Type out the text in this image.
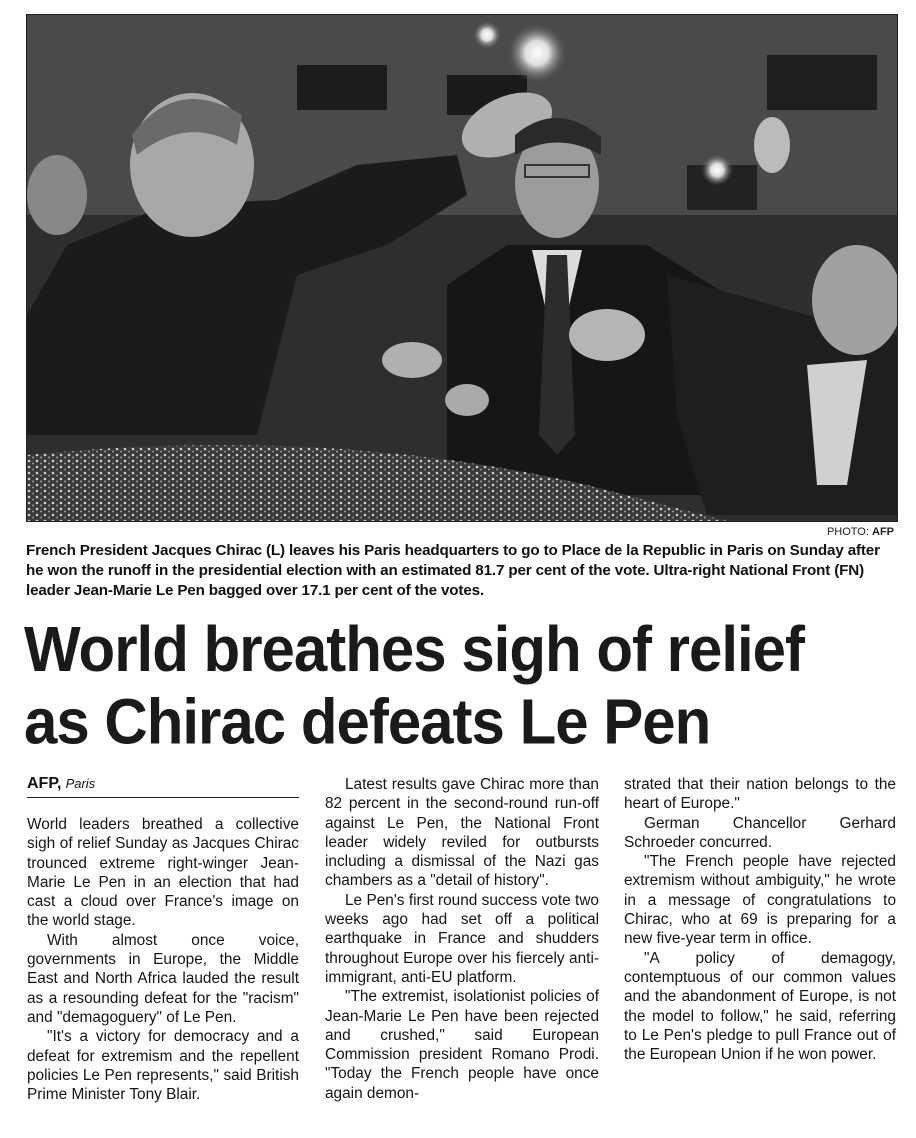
PHOTO: AFP
French President Jacques Chirac (L) leaves his Paris headquarters to go to Place de la Republic in Paris on Sunday after he won the runoff in the presidential election with an estimated 81.7 per cent of the vote. Ultra-right National Front (FN) leader Jean-Marie Le Pen bagged over 17.1 per cent of the votes.
World breathes sigh of relief
as Chirac defeats Le Pen
AFP, Paris

World leaders breathed a collective sigh of relief Sunday as Jacques Chirac trounced extreme right-winger Jean-Marie Le Pen in an election that had cast a cloud over France's image on the world stage.

With almost once voice, governments in Europe, the Middle East and North Africa lauded the result as a resounding defeat for the "racism" and "demagoguery" of Le Pen.

"It's a victory for democracy and a defeat for extremism and the repellent policies Le Pen represents," said British Prime Minister Tony Blair.

Latest results gave Chirac more than 82 percent in the second-round run-off against Le Pen, the National Front leader widely reviled for outbursts including a dismissal of the Nazi gas chambers as a "detail of history".

Le Pen's first round success vote two weeks ago had set off a political earthquake in France and shudders throughout Europe over his fiercely anti-immigrant, anti-EU platform.

"The extremist, isolationist policies of Jean-Marie Le Pen have been rejected and crushed," said European Commission president Romano Prodi. "Today the French people have once again demon-

strated that their nation belongs to the heart of Europe."

German Chancellor Gerhard Schroeder concurred.

"The French people have rejected extremism without ambiguity," he wrote in a message of congratulations to Chirac, who at 69 is preparing for a new five-year term in office.

"A policy of demagogy, contemptuous of our common values and the abandonment of Europe, is not the model to follow," he said, referring to Le Pen's pledge to pull France out of the European Union if he won power.
